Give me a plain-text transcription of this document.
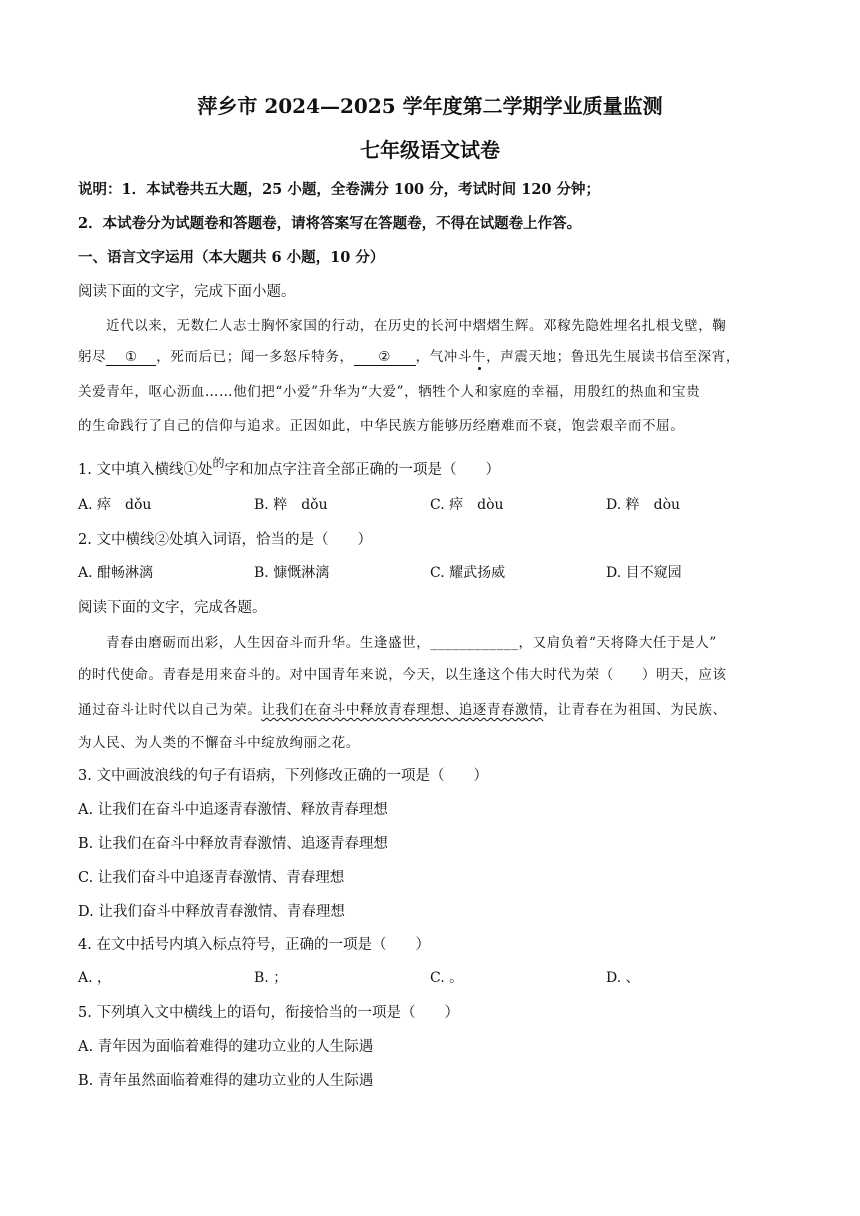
萍乡市 2024—2025 学年度第二学期学业质量监测
七年级语文试卷
说明：1．本试卷共五大题，25 小题，全卷满分 100 分，考试时间 120 分钟；
2．本试卷分为试题卷和答题卷，请将答案写在答题卷，不得在试题卷上作答。
一、语言文字运用（本大题共 6 小题，10 分）
阅读下面的文字，完成下面小题。
近代以来，无数仁人志士胸怀家国的行动，在历史的长河中熠熠生辉。邓稼先隐姓埋名扎根戈壁，鞠
躬尽 ① ，死而后已；闻一多怒斥特务， ② ，气冲斗牛，声震天地；鲁迅先生展读书信至深宵，
关爱青年，呕心沥血……他们把“小爱”升华为“大爱”，牺牲个人和家庭的幸福，用殷红的热血和宝贵
的生命践行了自己的信仰与追求。正因如此，中华民族方能够历经磨难而不衰，饱尝艰辛而不屈。
1. 文中填入横线①处$^的$字和加点字注音全部正确的一项是（　　）
A. 瘁　dǒu	B. 粹　dǒu	C. 瘁　dòu	D. 粹　dòu
2. 文中横线②处填入词语，恰当的是（　　）
A. 酣畅淋漓	B. 慷慨淋漓	C. 耀武扬威	D. 目不窥园
阅读下面的文字，完成各题。
青春由磨砺而出彩，人生因奋斗而升华。生逢盛世，____________，又肩负着“天将降大任于是人”
的时代使命。青春是用来奋斗的。对中国青年来说，今天，以生逢这个伟大时代为荣（　　）明天，应该
通过奋斗让时代以自己为荣。让我们在奋斗中释放青春理想、追逐青春激情，让青春在为祖国、为民族、
为人民、为人类的不懈奋斗中绽放绚丽之花。
3. 文中画波浪线的句子有语病，下列修改正确的一项是（　　）
A. 让我们在奋斗中追逐青春激情、释放青春理想
B. 让我们在奋斗中释放青春激情、追逐青春理想
C. 让我们奋斗中追逐青春激情、青春理想
D. 让我们奋斗中释放青春激情、青春理想
4. 在文中括号内填入标点符号，正确的一项是（　　）
A. ，	B. ；	C. 。	D. 、
5. 下列填入文中横线上的语句，衔接恰当的一项是（　　）
A. 青年因为面临着难得的建功立业的人生际遇
B. 青年虽然面临着难得的建功立业的人生际遇
